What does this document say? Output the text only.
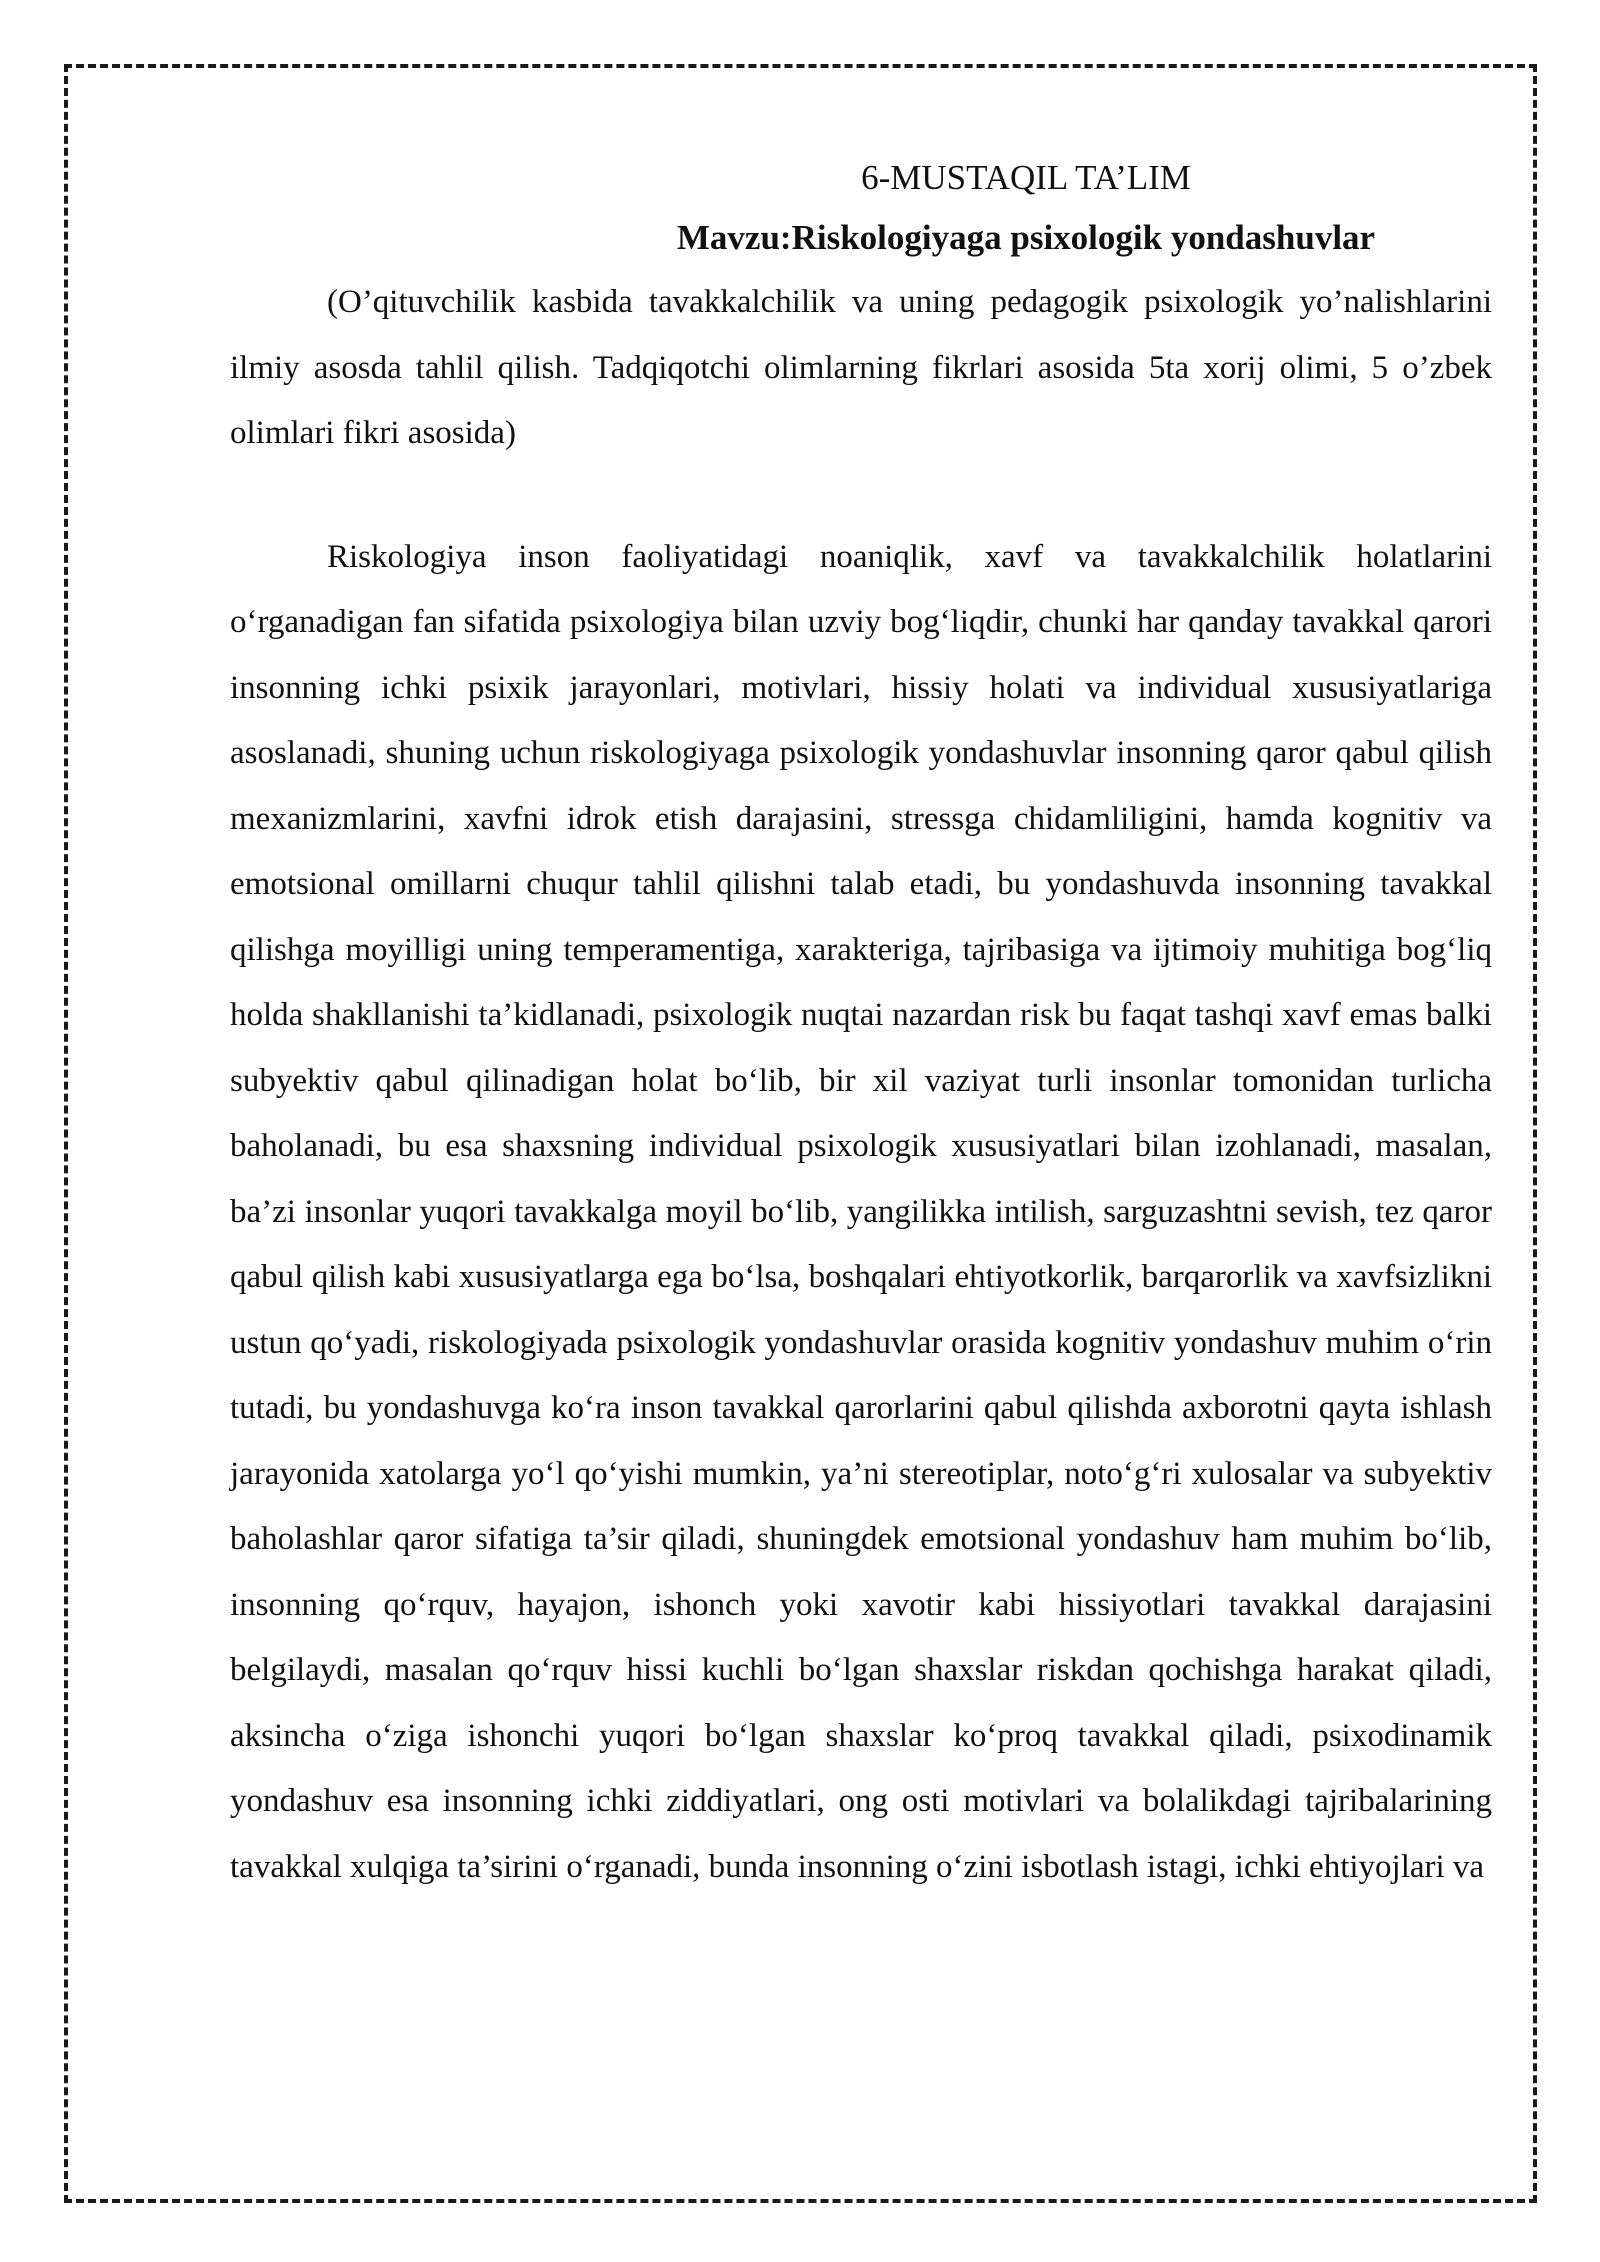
6-MUSTAQIL TA’LIM

Mavzu:Riskologiyaga psixologik yondashuvlar

(O’qituvchilik kasbida tavakkalchilik va uning pedagogik psixologik yo’nalishlarini ilmiy asosda tahlil qilish. Tadqiqotchi olimlarning fikrlari asosida 5ta xorij olimi, 5 o’zbek olimlari fikri asosida)

Riskologiya inson faoliyatidagi noaniqlik, xavf va tavakkalchilik holatlarini o‘rganadigan fan sifatida psixologiya bilan uzviy bog‘liqdir, chunki har qanday tavakkal qarori insonning ichki psixik jarayonlari, motivlari, hissiy holati va individual xususiyatlariga asoslanadi, shuning uchun riskologiyaga psixologik yondashuvlar insonning qaror qabul qilish mexanizmlarini, xavfni idrok etish darajasini, stressga chidamliligini, hamda kognitiv va emotsional omillarni chuqur tahlil qilishni talab etadi, bu yondashuvda insonning tavakkal qilishga moyilligi uning temperamentiga, xarakteriga, tajribasiga va ijtimoiy muhitiga bog‘liq holda shakllanishi ta’kidlanadi, psixologik nuqtai nazardan risk bu faqat tashqi xavf emas balki subyektiv qabul qilinadigan holat bo‘lib, bir xil vaziyat turli insonlar tomonidan turlicha baholanadi, bu esa shaxsning individual psixologik xususiyatlari bilan izohlanadi, masalan, ba’zi insonlar yuqori tavakkalga moyil bo‘lib, yangilikka intilish, sarguzashtni sevish, tez qaror qabul qilish kabi xususiyatlarga ega bo‘lsa, boshqalari ehtiyotkorlik, barqarorlik va xavfsizlikni ustun qo‘yadi, riskologiyada psixologik yondashuvlar orasida kognitiv yondashuv muhim o‘rin tutadi, bu yondashuvga ko‘ra inson tavakkal qarorlarini qabul qilishda axborotni qayta ishlash jarayonida xatolarga yo‘l qo‘yishi mumkin, ya’ni stereotiplar, noto‘g‘ri xulosalar va subyektiv baholashlar qaror sifatiga ta’sir qiladi, shuningdek emotsional yondashuv ham muhim bo‘lib, insonning qo‘rquv, hayajon, ishonch yoki xavotir kabi hissiyotlari tavakkal darajasini belgilaydi, masalan qo‘rquv hissi kuchli bo‘lgan shaxslar riskdan qochishga harakat qiladi, aksincha o‘ziga ishonchi yuqori bo‘lgan shaxslar ko‘proq tavakkal qiladi, psixodinamik yondashuv esa insonning ichki ziddiyatlari, ong osti motivlari va bolalikdagi tajribalarining tavakkal xulqiga ta’sirini o‘rganadi, bunda insonning o‘zini isbotlash istagi, ichki ehtiyojlari va
